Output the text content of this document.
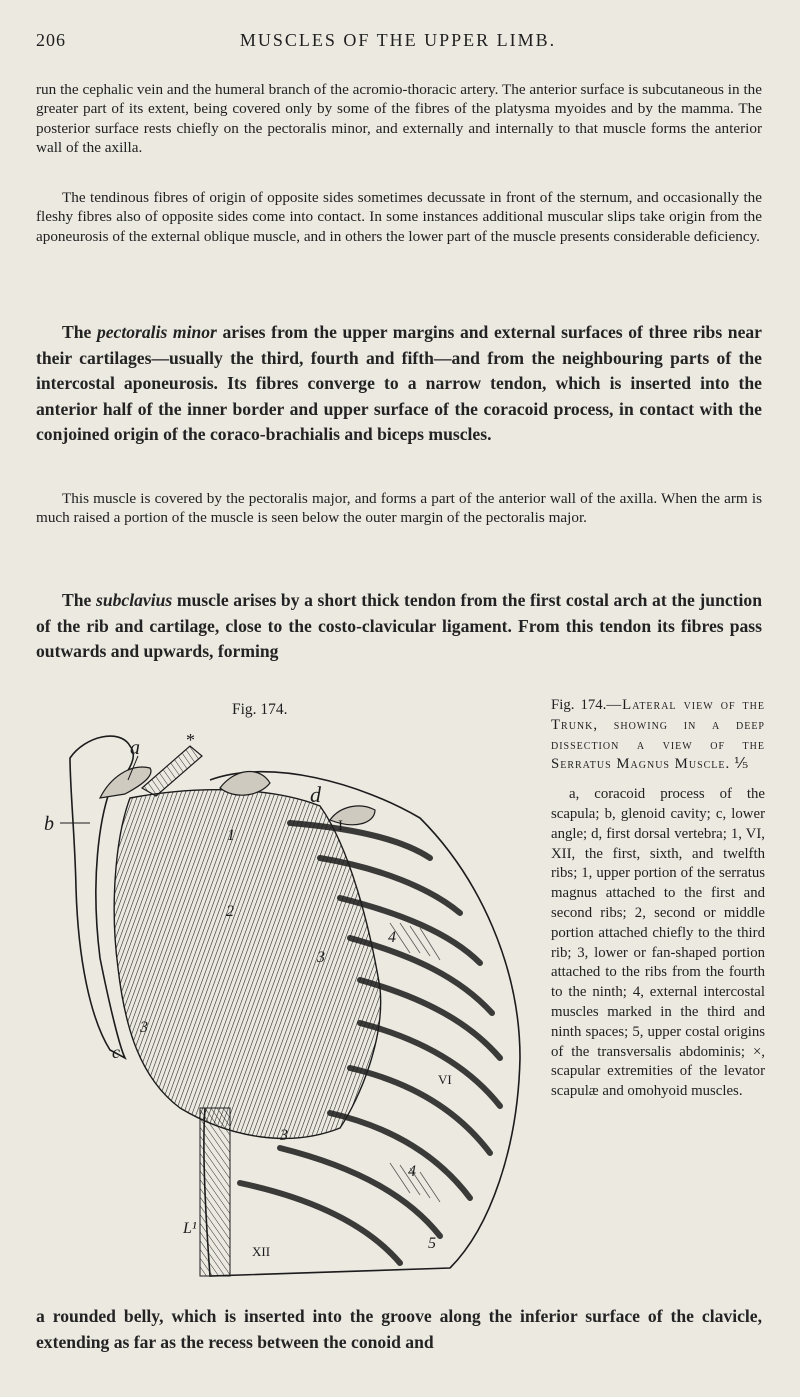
206	MUSCLES OF THE UPPER LIMB.

run the cephalic vein and the humeral branch of the acromio-thoracic artery. The anterior surface is subcutaneous in the greater part of its extent, being covered only by some of the fibres of the platysma myoides and by the mamma. The posterior surface rests chiefly on the pectoralis minor, and externally and internally to that muscle forms the anterior wall of the axilla.

The tendinous fibres of origin of opposite sides sometimes decussate in front of the sternum, and occasionally the fleshy fibres also of opposite sides come into contact. In some instances additional muscular slips take origin from the aponeurosis of the external oblique muscle, and in others the lower part of the muscle presents considerable deficiency.

The pectoralis minor arises from the upper margins and external surfaces of three ribs near their cartilages—usually the third, fourth and fifth—and from the neighbouring parts of the intercostal aponeurosis. Its fibres converge to a narrow tendon, which is inserted into the anterior half of the inner border and upper surface of the coracoid process, in contact with the conjoined origin of the coraco-brachialis and biceps muscles.

This muscle is covered by the pectoralis major, and forms a part of the anterior wall of the axilla. When the arm is much raised a portion of the muscle is seen below the outer margin of the pectoralis major.

The subclavius muscle arises by a short thick tendon from the first costal arch at the junction of the rib and cartilage, close to the costo-clavicular ligament. From this tendon its fibres pass outwards and upwards, forming

Fig. 174.
a
b
c
d
*
1
2
3
3
3
4
4
5
I
VI
XII
L¹

Fig. 174.—Lateral view of the Trunk, showing in a deep dissection a view of the Serratus Magnus Muscle. ⅕

a, coracoid process of the scapula; b, glenoid cavity; c, lower angle; d, first dorsal vertebra; 1, VI, XII, the first, sixth, and twelfth ribs; 1, upper portion of the serratus magnus attached to the first and second ribs; 2, second or middle portion attached chiefly to the third rib; 3, lower or fan-shaped portion attached to the ribs from the fourth to the ninth; 4, external intercostal muscles marked in the third and ninth spaces; 5, upper costal origins of the transversalis abdominis; ×, scapular extremities of the levator scapulæ and omohyoid muscles.

a rounded belly, which is inserted into the groove along the inferior surface of the clavicle, extending as far as the recess between the conoid and
